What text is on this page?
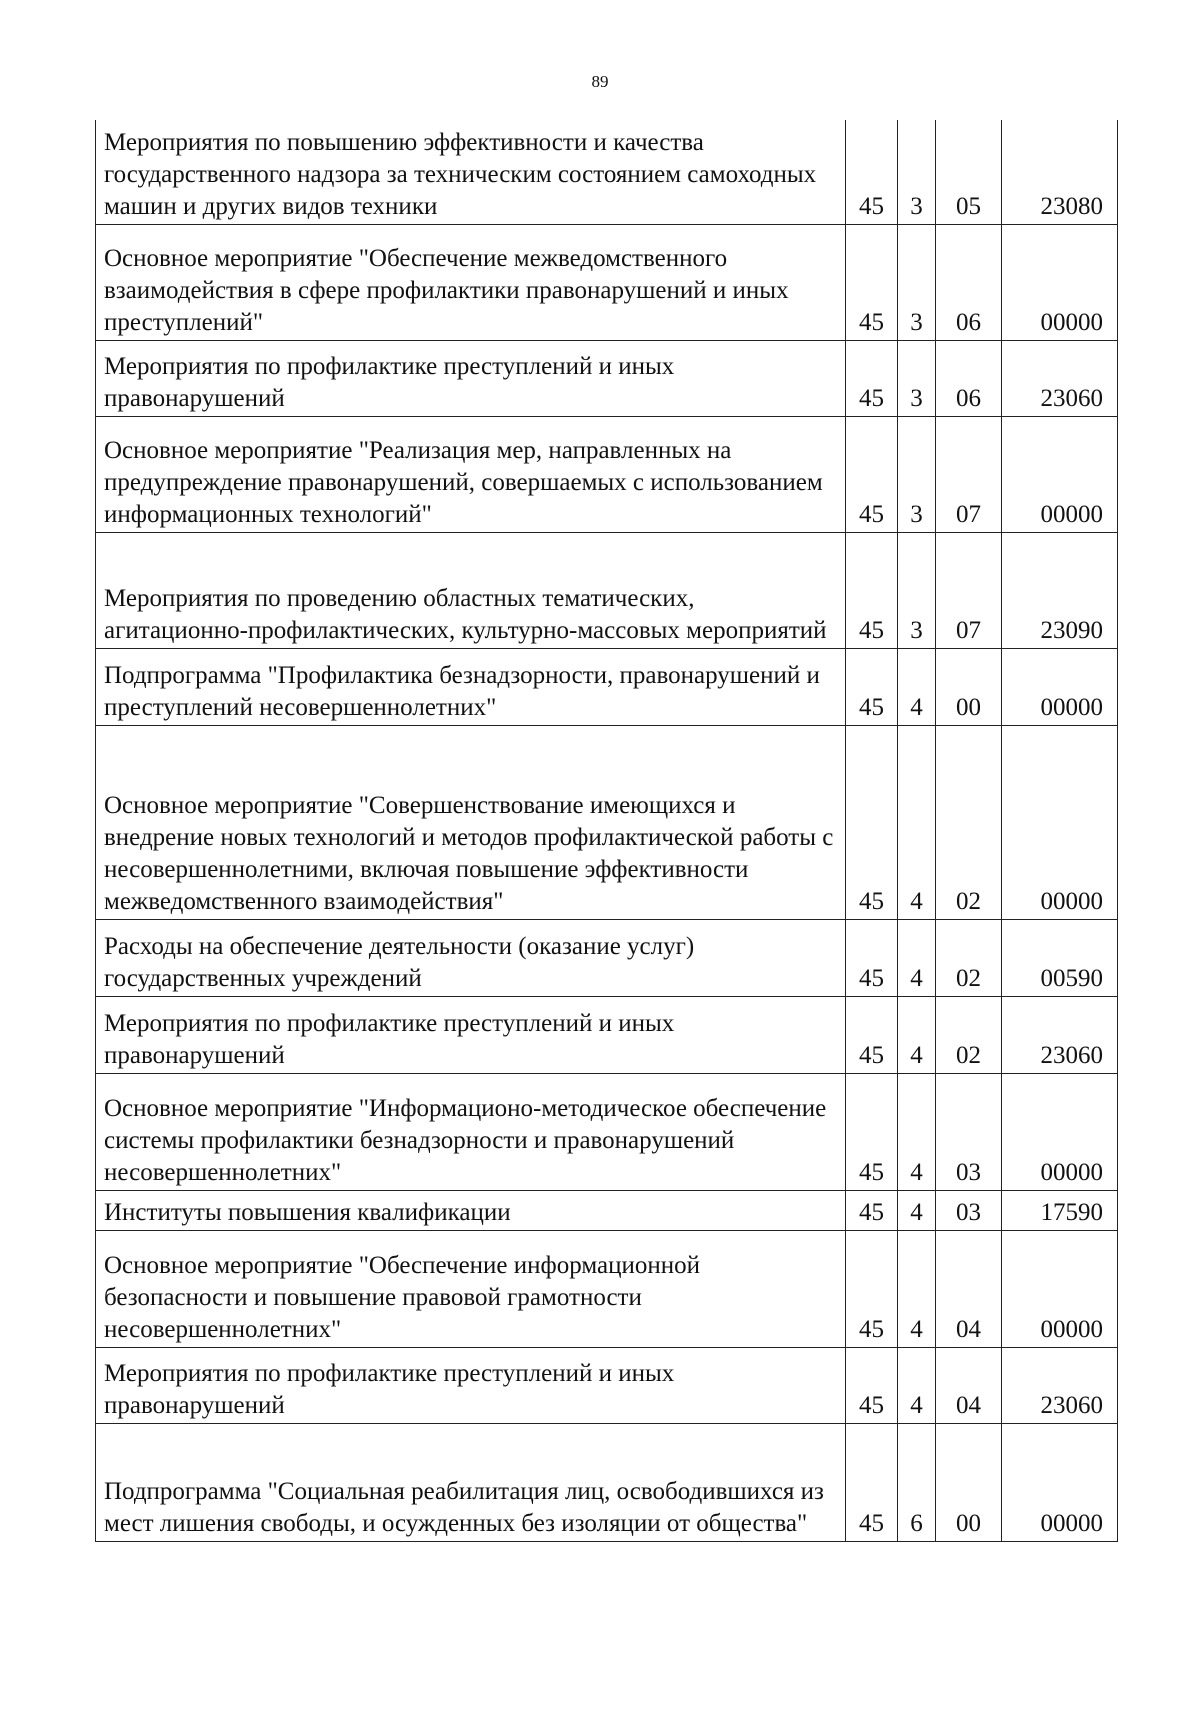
89
Мероприятия по повышению эффективности и качества государственного надзора за техническим состоянием самоходных машин и других видов техники	45	3	05	23080
Основное мероприятие "Обеспечение межведомственного взаимодействия в сфере профилактики правонарушений и иных преступлений"	45	3	06	00000
Мероприятия по профилактике преступлений и иных правонарушений	45	3	06	23060
Основное мероприятие "Реализация мер, направленных на предупреждение правонарушений, совершаемых с использованием информационных технологий"	45	3	07	00000
Мероприятия по проведению областных тематических, агитационно-профилактических, культурно-массовых мероприятий	45	3	07	23090
Подпрограмма "Профилактика безнадзорности, правонарушений и преступлений несовершеннолетних"	45	4	00	00000
Основное мероприятие "Совершенствование имеющихся и внедрение новых технологий и методов профилактической работы с несовершеннолетними, включая повышение эффективности межведомственного взаимодействия"	45	4	02	00000
Расходы на обеспечение деятельности (оказание услуг) государственных учреждений	45	4	02	00590
Мероприятия по профилактике преступлений и иных правонарушений	45	4	02	23060
Основное мероприятие "Информационо-методическое обеспечение системы профилактики безнадзорности и правонарушений несовершеннолетних"	45	4	03	00000
Институты повышения квалификации	45	4	03	17590
Основное мероприятие "Обеспечение информационной безопасности и повышение правовой грамотности несовершеннолетних"	45	4	04	00000
Мероприятия по профилактике преступлений и иных правонарушений	45	4	04	23060
Подпрограмма "Социальная реабилитация лиц, освободившихся из мест лишения свободы, и осужденных без изоляции от общества"	45	6	00	00000
